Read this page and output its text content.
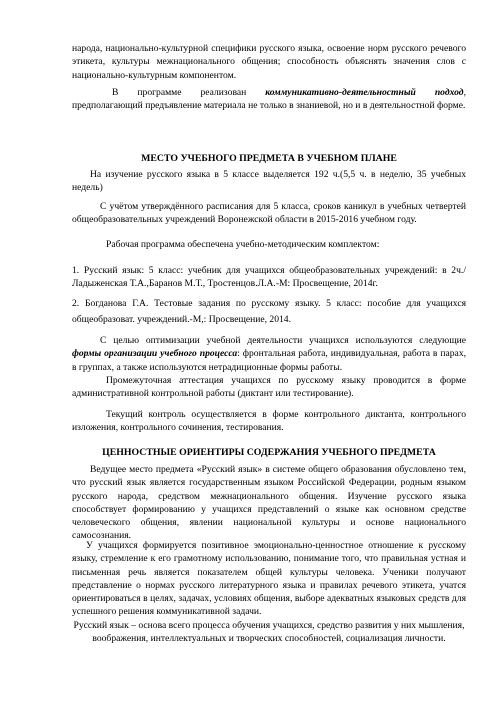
народа, национально-культурной специфики русского языка, освоение норм русского речевого этикета, культуры межнационального общения; способность объяснять значения слов с национально-культурным компонентом.
В программе реализован коммуникативно-деятельностный подход, предполагающий предъявление материала не только в знаниевой, но и в деятельностной форме.
МЕСТО УЧЕБНОГО ПРЕДМЕТА В УЧЕБНОМ ПЛАНЕ
На изучение русского языка в 5 классе выделяется 192 ч.(5,5 ч. в неделю, 35 учебных недель)
С учётом утверждённого расписания для 5 класса, сроков каникул в учебных четвертей общеобразовательных учреждений Воронежской области в 2015-2016 учебном году.
Рабочая программа обеспечена учебно-методическим комплектом:
1. Русский язык: 5 класс: учебник для учащихся общеобразовательных учреждений: в 2ч./ Ладыженская Т.А.,Баранов М.Т., Тростенцов.Л.А.-М: Просвещение, 2014г.
2. Богданова Г.А. Тестовые задания по русскому языку. 5 класс: пособие для учащихся общеобразоват. учреждений.-М,: Просвещение, 2014.
С целью оптимизации учебной деятельности учащихся используются следующие формы организации учебного процесса: фронтальная работа, индивидуальная, работа в парах, в группах, а также используются нетрадиционные формы работы.
Промежуточная аттестация учащихся по русскому языку проводится в форме административной контрольной работы (диктант или тестирование).
Текущий контроль осуществляется в форме контрольного диктанта, контрольного изложения, контрольного сочинения, тестирования.
ЦЕННОСТНЫЕ ОРИЕНТИРЫ СОДЕРЖАНИЯ УЧЕБНОГО ПРЕДМЕТА
Ведущее место предмета «Русский язык» в системе общего образования обусловлено тем, что русский язык является государственным языком Российской Федерации, родным языком русского народа, средством межнационального общения. Изучение русского языка способствует формированию у учащихся представлений о языке как основном средстве человеческого общения, явлении национальной культуры и основе национального самосознания.
У учащихся формируется позитивное эмоционально-ценностное отношение к русскому языку, стремление к его грамотному использованию, понимание того, что правильная устная и письменная речь является показателем общей культуры человека. Ученики получают представление о нормах русского литературного языка и правилах речевого этикета, учатся ориентироваться в целях, задачах, условиях общения, выборе адекватных языковых средств для успешного решения коммуникативной задачи.
Русский язык – основа всего процесса обучения учащихся, средство развития у них мышления, воображения, интеллектуальных и творческих способностей, социализация личности.
